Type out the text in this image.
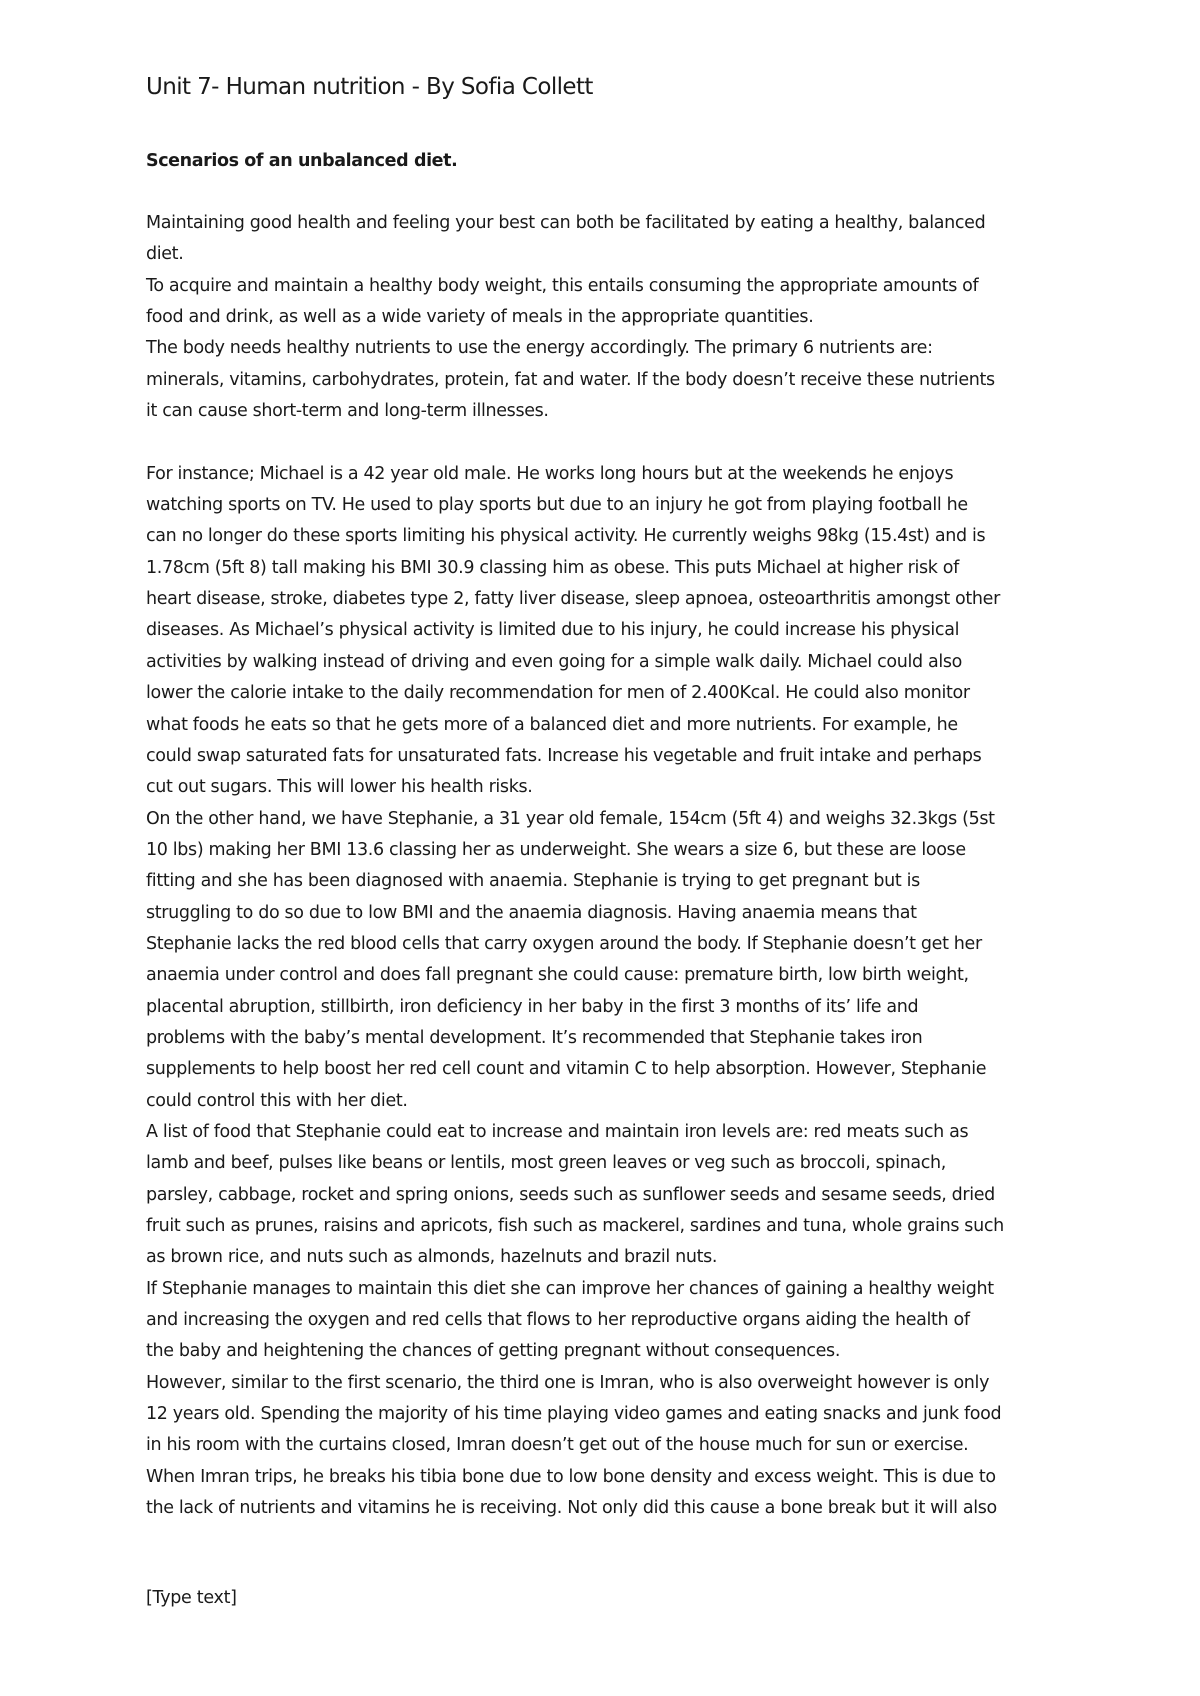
Unit 7- Human nutrition - By Sofia Collett
Scenarios of an unbalanced diet.
Maintaining good health and feeling your best can both be facilitated by eating a healthy, balanced
diet.
To acquire and maintain a healthy body weight, this entails consuming the appropriate amounts of
food and drink, as well as a wide variety of meals in the appropriate quantities.
The body needs healthy nutrients to use the energy accordingly. The primary 6 nutrients are:
minerals, vitamins, carbohydrates, protein, fat and water. If the body doesn’t receive these nutrients
it can cause short-term and long-term illnesses.
For instance; Michael is a 42 year old male. He works long hours but at the weekends he enjoys
watching sports on TV. He used to play sports but due to an injury he got from playing football he
can no longer do these sports limiting his physical activity. He currently weighs 98kg (15.4st) and is
1.78cm (5ft 8) tall making his BMI 30.9 classing him as obese. This puts Michael at higher risk of
heart disease, stroke, diabetes type 2, fatty liver disease, sleep apnoea, osteoarthritis amongst other
diseases. As Michael’s physical activity is limited due to his injury, he could increase his physical
activities by walking instead of driving and even going for a simple walk daily. Michael could also
lower the calorie intake to the daily recommendation for men of 2.400Kcal. He could also monitor
what foods he eats so that he gets more of a balanced diet and more nutrients. For example, he
could swap saturated fats for unsaturated fats. Increase his vegetable and fruit intake and perhaps
cut out sugars. This will lower his health risks.
On the other hand, we have Stephanie, a 31 year old female, 154cm (5ft 4) and weighs 32.3kgs (5st
10 lbs) making her BMI 13.6 classing her as underweight. She wears a size 6, but these are loose
fitting and she has been diagnosed with anaemia. Stephanie is trying to get pregnant but is
struggling to do so due to low BMI and the anaemia diagnosis. Having anaemia means that
Stephanie lacks the red blood cells that carry oxygen around the body. If Stephanie doesn’t get her
anaemia under control and does fall pregnant she could cause: premature birth, low birth weight,
placental abruption, stillbirth, iron deficiency in her baby in the first 3 months of its’ life and
problems with the baby’s mental development. It’s recommended that Stephanie takes iron
supplements to help boost her red cell count and vitamin C to help absorption. However, Stephanie
could control this with her diet.
A list of food that Stephanie could eat to increase and maintain iron levels are: red meats such as
lamb and beef, pulses like beans or lentils, most green leaves or veg such as broccoli, spinach,
parsley, cabbage, rocket and spring onions, seeds such as sunflower seeds and sesame seeds, dried
fruit such as prunes, raisins and apricots, fish such as mackerel, sardines and tuna, whole grains such
as brown rice, and nuts such as almonds, hazelnuts and brazil nuts.
If Stephanie manages to maintain this diet she can improve her chances of gaining a healthy weight
and increasing the oxygen and red cells that flows to her reproductive organs aiding the health of
the baby and heightening the chances of getting pregnant without consequences.
However, similar to the first scenario, the third one is Imran, who is also overweight however is only
12 years old. Spending the majority of his time playing video games and eating snacks and junk food
in his room with the curtains closed, Imran doesn’t get out of the house much for sun or exercise.
When Imran trips, he breaks his tibia bone due to low bone density and excess weight. This is due to
the lack of nutrients and vitamins he is receiving. Not only did this cause a bone break but it will also
[Type text]
